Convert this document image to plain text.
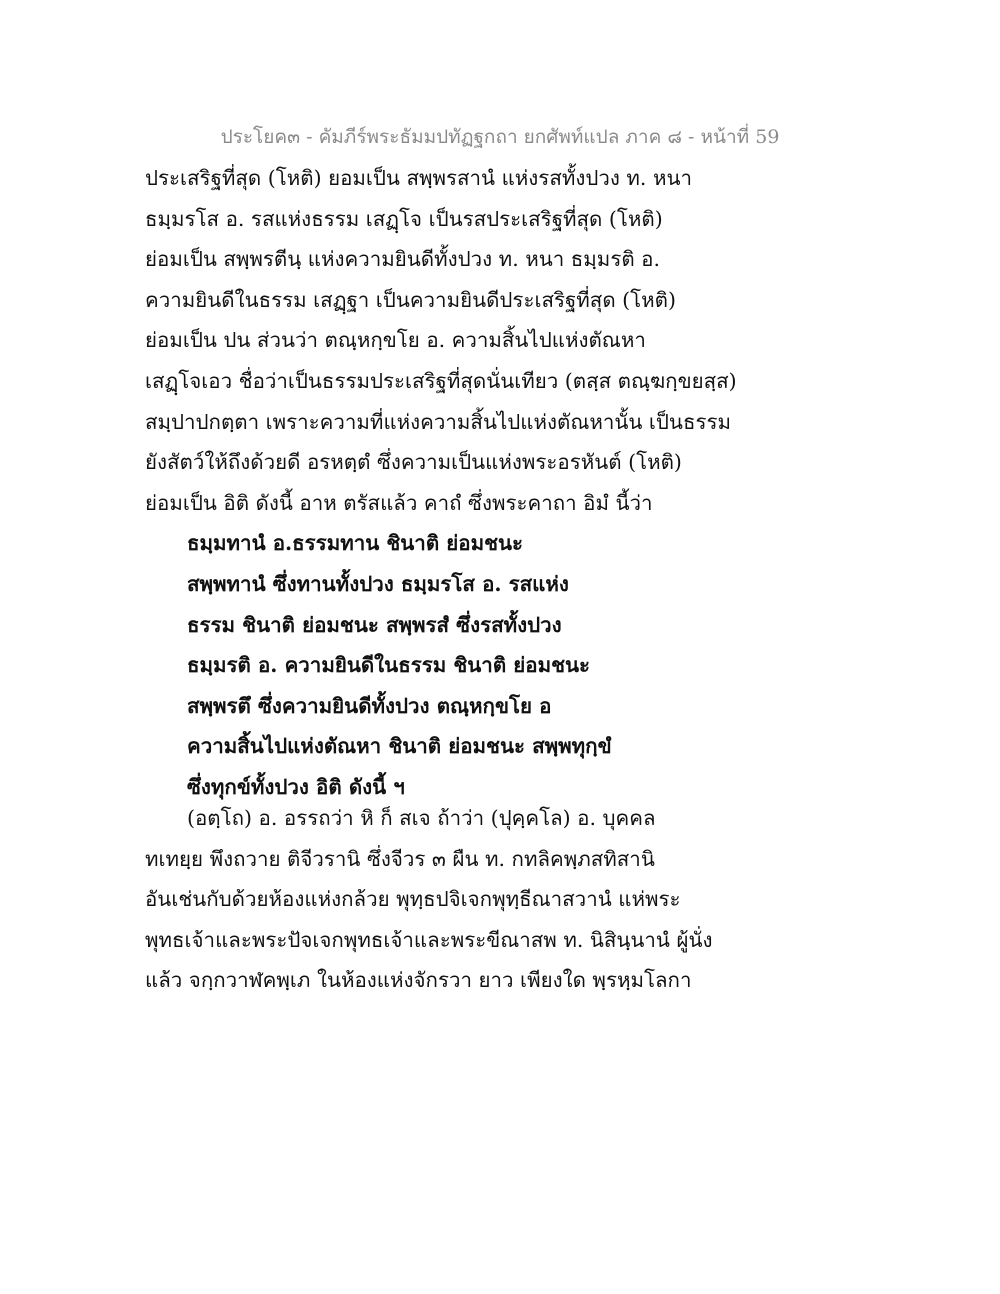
ประโยค๓ - คัมภีร์พระธัมมปทัฏฐกถา ยกศัพท์แปล ภาค ๘ - หน้าที่ 59
ประเสริฐที่สุด (โหติ) ยอมเป็น สพฺพรสานํ แห่งรสทั้งปวง ท. หนา
ธมฺมรโส อ. รสแห่งธรรม เสฏฺโจ เป็นรสประเสริฐที่สุด (โหติ)
ย่อมเป็น สพฺพรตีนฺ แห่งความยินดีทั้งปวง ท. หนา ธมฺมรติ อ.
ความยินดีในธรรม เสฏฺฐา เป็นความยินดีประเสริฐที่สุด (โหติ)
ย่อมเป็น ปน ส่วนว่า ตณฺหกฺขโย อ. ความสิ้นไปแห่งตัณหา
เสฏฺโจเอว ชื่อว่าเป็นธรรมประเสริฐที่สุดนั่นเทียว (ตสฺส ตณฺฆกฺขยสฺส)
สมฺปาปกตฺตา เพราะความที่แห่งความสิ้นไปแห่งตัณหานั้น เป็นธรรม
ยังสัตว์ให้ถึงด้วยดี อรหตฺตํ ซึ่งความเป็นแห่งพระอรหันต์ (โหติ)
ย่อมเป็น อิติ ดังนี้ อาห ตรัสแล้ว คาถํ ซึ่งพระคาถา อิมํ นี้ว่า
ธมฺมทานํ อ.ธรรมทาน ชินาติ ย่อมชนะ
สพฺพทานํ ซึ่งทานทั้งปวง ธมฺมรโส อ. รสแห่ง
ธรรม ชินาติ ย่อมชนะ สพฺพรสํ ซึ่งรสทั้งปวง
ธมฺมรติ อ. ความยินดีในธรรม ชินาติ ย่อมชนะ
สพฺพรตึ ซึ่งความยินดีทั้งปวง ตณฺหกฺขโย อ
ความสิ้นไปแห่งตัณหา ชินาติ ย่อมชนะ สพฺพทุกฺขํ
ซึ่งทุกข์ทั้งปวง อิติ ดังนี้ ฯ
(อตฺโถ) อ. อรรถว่า หิ ก็ สเจ ถ้าว่า (ปุคฺคโล) อ. บุคคล
ทเทยฺย พึงถวาย ติจีวรานิ ซึ่งจีวร ๓ ผืน ท. กทลิคพฺภสทิสานิ
อันเช่นกับด้วยห้องแห่งกล้วย พุทฺธปจิเจกพุทฺธีณาสวานํ แห่พระ
พุทธเจ้าและพระปัจเจกพุทธเจ้าและพระขีณาสพ ท. นิสินฺนานํ ผู้นั่ง
แล้ว จกฺกวาฬคพฺเภ ในห้องแห่งจักรวา ยาว เพียงใด พฺรหฺมโลกา
